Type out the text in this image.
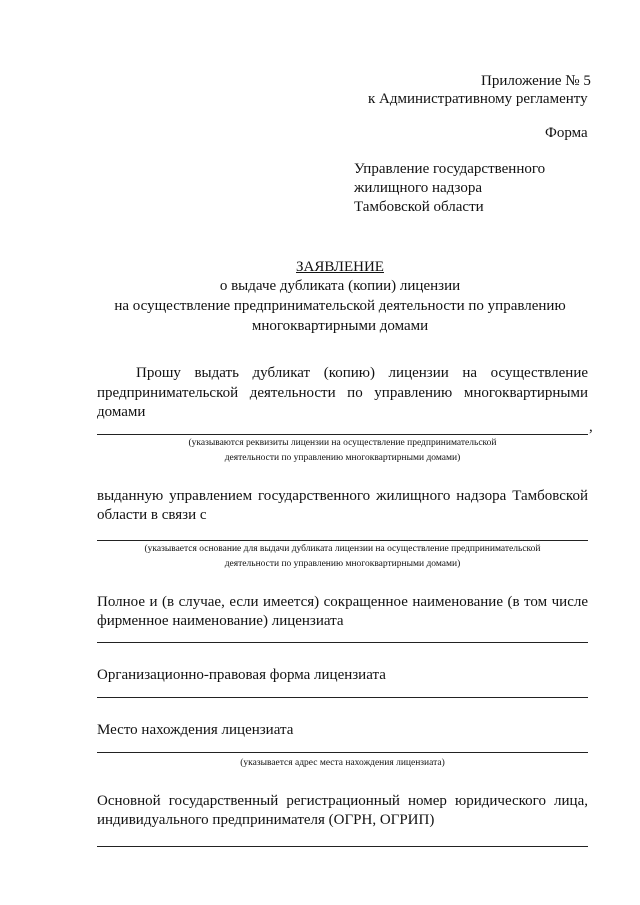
Приложение № 5
к Административному регламенту
Форма
Управление государственного
жилищного надзора
Тамбовской области
ЗАЯВЛЕНИЕ
о выдаче дубликата (копии) лицензии
на осуществление предпринимательской деятельности по управлению
многоквартирными домами
Прошу выдать дубликат (копию) лицензии на осуществление
предпринимательской деятельности по управлению многоквартирными
домами
,
(указываются реквизиты лицензии на осуществление предпринимательской
деятельности по управлению многоквартирными домами)
выданную управлением государственного жилищного надзора Тамбовской
области в связи с
(указывается основание для выдачи дубликата лицензии на осуществление предпринимательской
деятельности по управлению многоквартирными домами)
Полное и (в случае, если имеется) сокращенное наименование (в том числе
фирменное наименование) лицензиата
Организационно-правовая форма лицензиата
Место нахождения лицензиата
(указывается адрес места нахождения лицензиата)
Основной государственный регистрационный номер юридического лица,
индивидуального предпринимателя (ОГРН, ОГРИП)
